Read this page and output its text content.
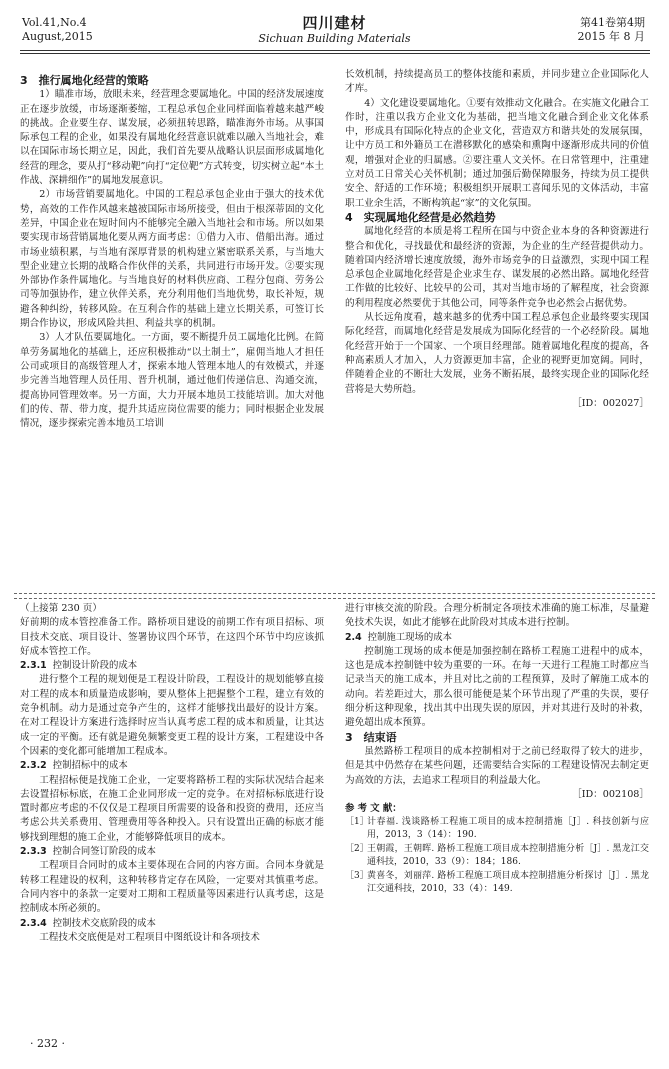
Vol.41,No.4
August,2015
四川建材
Sichuan Building Materials
第41卷第4期
2015 年 8 月

3　推行属地化经营的策略

1）瞄准市场，放眼未来，经营理念要属地化。中国的经济发展速度正在逐步放缓，市场逐渐萎缩，工程总承包企业同样面临着越来越严峻的挑战。企业要生存、谋发展，必须扭转思路，瞄准海外市场。从事国际承包工程的企业，如果没有属地化经营意识就难以融入当地社会，难以在国际市场长期立足，因此，我们首先要从战略认识层面形成属地化经营的理念，要从打“移动靶”向打“定位靶”方式转变，切实树立起“本土作战、深耕细作”的属地发展意识。

2）市场营销要属地化。中国的工程总承包企业由于强大的技术优势，高效的工作作风越来越被国际市场所接受，但由于根深蒂固的文化差异，中国企业在短时间内不能够完全融入当地社会和市场。所以如果要实现市场营销属地化要从两方面考虑：①借力入市、借船出海。通过市场业绩积累，与当地有深厚背景的机构建立紧密联系关系，与当地大型企业建立长期的战略合作伙伴的关系，共同进行市场开发。②要实现外部协作条件属地化。与当地良好的材料供应商、工程分包商、劳务公司等加强协作，建立伙伴关系，充分利用他们当地优势，取长补短，规避各种纠纷，转移风险。在互利合作的基础上建立长期关系，可签订长期合作协议，形成风险共担、利益共享的机制。

3）人才队伍要属地化。一方面，要不断提升员工属地化比例。在简单劳务属地化的基础上，还应积极推动“以土制土”，雇佣当地人才担任公司或项目的高级管理人才，探索本地人管理本地人的有效模式，并逐步完善当地管理人员任用、晋升机制，通过他们传递信息、沟通交流，提高协同管理效率。另一方面，大力开展本地员工技能培训。加大对他们的传、帮、带力度，提升其适应岗位需要的能力；同时根据企业发展情况，逐步探索完善本地员工培训

长效机制，持续提高员工的整体技能和素质，并同步建立企业国际化人才库。

4）文化建设要属地化。①要有效推动文化融合。在实施文化融合工作时，注重以我方企业文化为基础，把当地文化融合到企业文化体系中，形成具有国际化特点的企业文化，营造双方和谐共处的发展氛围，让中方员工和外籍员工在潜移默化的感染和熏陶中逐渐形成共同的价值观，增强对企业的归属感。②要注重人文关怀。在日常管理中，注重建立对员工日常关心关怀机制；通过加强后勤保障服务，持续为员工提供安全、舒适的工作环境；积极组织开展职工喜闻乐见的文体活动，丰富职工业余生活，不断构筑起“家”的文化氛围。

4　实现属地化经营是必然趋势

属地化经营的本质是将工程所在国与中资企业本身的各种资源进行整合和优化，寻找最优和最经济的资源，为企业的生产经营提供动力。随着国内经济增长速度放缓，海外市场竞争的日益激烈，实现中国工程总承包企业属地化经营是企业求生存、谋发展的必然出路。属地化经营工作做的比较好、比较早的公司，其对当地市场的了解程度，社会资源的利用程度必然要优于其他公司，同等条件竞争也必然会占据优势。

从长远角度看，越来越多的优秀中国工程总承包企业最终要实现国际化经营，而属地化经营是发展成为国际化经营的一个必经阶段。属地化经营开始于一个国家、一个项目经理部。随着属地化程度的提高，各种高素质人才加入，人力资源更加丰富，企业的视野更加宽阔。同时，伴随着企业的不断壮大发展，业务不断拓展，最终实现企业的国际化经营将是大势所趋。

［ID：002027］

（上接第 230 页）

好前期的成本管控准备工作。路桥项目建设的前期工作有项目招标、项目技术交底、项目设计、签署协议四个环节，在这四个环节中均应该抓好成本管控工作。

2.3.1 控制设计阶段的成本

进行整个工程的规划便是工程设计阶段，工程设计的规划能够直接对工程的成本和质量造成影响，要从整体上把握整个工程，建立有效的竞争机制。动力是通过竞争产生的，这样才能够找出最好的设计方案。在对工程设计方案进行选择时应当认真考虑工程的成本和质量，让其达成一定的平衡。还有就是避免频繁变更工程的设计方案，工程建设中各个因素的变化都可能增加工程成本。

2.3.2 控制招标中的成本

工程招标便是找施工企业，一定要将路桥工程的实际状况结合起来去设置招标标底，在施工企业同形成一定的竞争。在对招标标底进行设置时都应考虑的不仅仅是工程项目所需要的设备和投资的费用，还应当考虑公共关系费用、管理费用等各种投入。只有设置出正确的标底才能够找到理想的施工企业，才能够降低项目的成本。

2.3.3 控制合同签订阶段的成本

工程项目合同时的成本主要体现在合同的内容方面。合同本身就是转移工程建设的权利，这种转移肯定存在风险，一定要对其慎重考虑。合同内容中的条款一定要对工期和工程质量等因素进行认真考虑，这是控制成本所必须的。

2.3.4 控制技术交底阶段的成本

工程技术交底便是对工程项目中图纸设计和各项技术

进行审核交流的阶段。合理分析制定各项技术准确的施工标准，尽量避免技术失误，如此才能够在此阶段对其成本进行控制。

2.4 控制施工现场的成本

控制施工现场的成本便是加强控制在路桥工程施工进程中的成本，这也是成本控制链中较为重要的一环。在每一天进行工程施工时都应当记录当天的施工成本，并且对比之前的工程预算，及时了解施工成本的动向。若差距过大，那么很可能便是某个环节出现了严重的失误，要仔细分析这种现象，找出其中出现失误的原因，并对其进行及时的补救，避免超出成本预算。

3　结束语

虽然路桥工程项目的成本控制相对于之前已经取得了较大的进步，但是其中仍然存在某些问题，还需要结合实际的工程建设情况去制定更为高效的方法，去追求工程项目的利益最大化。

［ID：002108］

参 考 文 献：

［1］
计春福. 浅谈路桥工程施工项目的成本控制措施［J］. 科技创新与应用，2013，3（14）：190.
［2］
王朝霞，王朝晖. 路桥工程施工项目成本控制措施分析［J］. 黑龙江交通科技，2010，33（9）：184；186.
［3］
黄喜冬，刘丽萍. 路桥工程施工项目成本控制措施分析探讨［J］. 黑龙江交通科技，2010，33（4）：149.
· 232 ·
